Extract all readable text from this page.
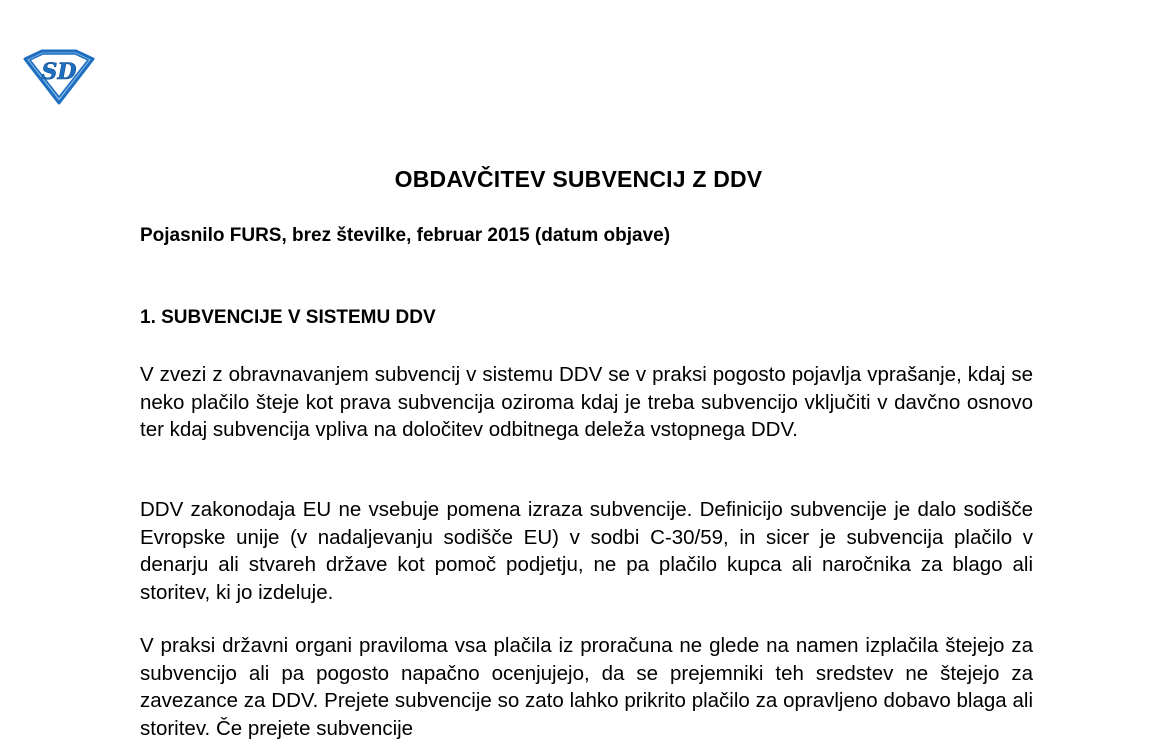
SD
OBDAVČITEV SUBVENCIJ Z DDV

Pojasnilo FURS, brez številke, februar 2015 (datum objave)

1. SUBVENCIJE V SISTEMU DDV

V zvezi z obravnavanjem subvencij v sistemu DDV se v praksi pogosto pojavlja vprašanje, kdaj se neko plačilo šteje kot prava subvencija oziroma kdaj je treba subvencijo vključiti v davčno osnovo ter kdaj subvencija vpliva na določitev odbitnega deleža vstopnega DDV.

DDV zakonodaja EU ne vsebuje pomena izraza subvencije. Definicijo subvencije je dalo sodišče Evropske unije (v nadaljevanju sodišče EU) v sodbi C-30/59, in sicer je subvencija plačilo v denarju ali stvareh države kot pomoč podjetju, ne pa plačilo kupca ali naročnika za blago ali storitev, ki jo izdeluje.

V praksi državni organi praviloma vsa plačila iz proračuna ne glede na namen izplačila štejejo za subvencijo ali pa pogosto napačno ocenjujejo, da se prejemniki teh sredstev ne štejejo za zavezance za DDV. Prejete subvencije so zato lahko prikrito plačilo za opravljeno dobavo blaga ali storitev. Če prejete subvencije
